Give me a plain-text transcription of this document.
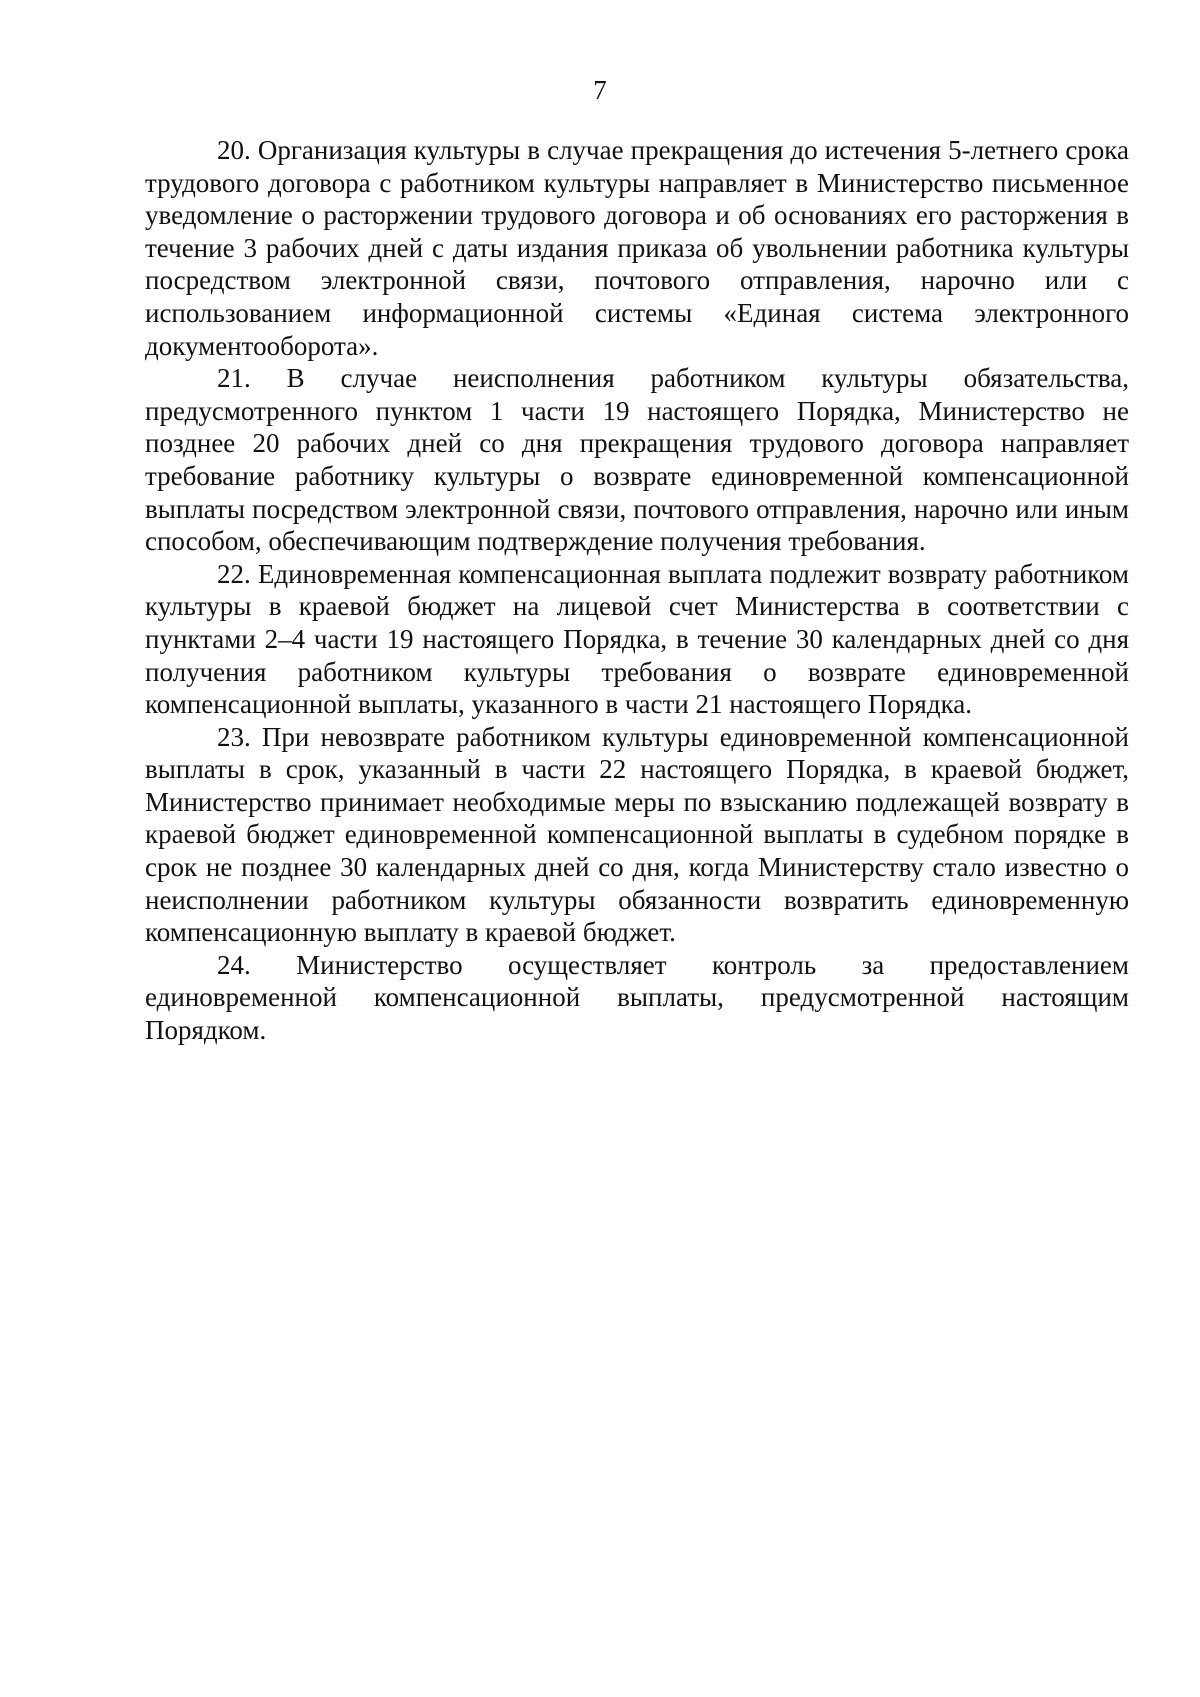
7

20. Организация культуры в случае прекращения до истечения 5-летнего срока трудового договора с работником культуры направляет в Министерство письменное уведомление о расторжении трудового договора и об основаниях его расторжения в течение 3 рабочих дней с даты издания приказа об увольнении работника культуры посредством электронной связи, почтового отправления, нарочно или с использованием информационной системы «Единая система электронного документооборота».

21. В случае неисполнения работником культуры обязательства, предусмотренного пунктом 1 части 19 настоящего Порядка, Министерство не позднее 20 рабочих дней со дня прекращения трудового договора направляет требование работнику культуры о возврате единовременной компенсационной выплаты посредством электронной связи, почтового отправления, нарочно или иным способом, обеспечивающим подтверждение получения требования.

22. Единовременная компенсационная выплата подлежит возврату работником культуры в краевой бюджет на лицевой счет Министерства в соответствии с пунктами 2–4 части 19 настоящего Порядка, в течение 30 календарных дней со дня получения работником культуры требования о возврате единовременной компенсационной выплаты, указанного в части 21 настоящего Порядка.

23. При невозврате работником культуры единовременной компенсационной выплаты в срок, указанный в части 22 настоящего Порядка, в краевой бюджет, Министерство принимает необходимые меры по взысканию подлежащей возврату в краевой бюджет единовременной компенсационной выплаты в судебном порядке в срок не позднее 30 календарных дней со дня, когда Министерству стало известно о неисполнении работником культуры обязанности возвратить единовременную компенсационную выплату в краевой бюджет.

24. Министерство осуществляет контроль за предоставлением единовременной компенсационной выплаты, предусмотренной настоящим Порядком.
